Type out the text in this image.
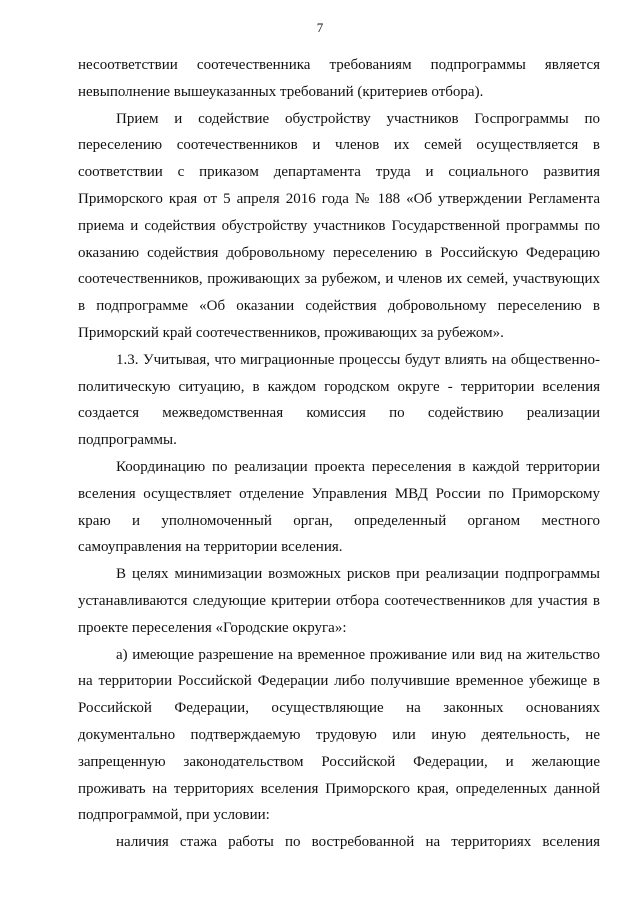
7
несоответствии соотечественника требованиям подпрограммы является
невыполнение вышеуказанных требований (критериев отбора).
Прием и содействие обустройству участников Госпрограммы по
переселению соотечественников и членов их семей осуществляется в
соответствии с приказом департамента труда и социального развития
Приморского края от 5 апреля 2016 года № 188 «Об утверждении Регламента
приема и содействия обустройству участников Государственной программы по
оказанию содействия добровольному переселению в Российскую Федерацию
соотечественников, проживающих за рубежом, и членов их семей, участвующих
в подпрограмме «Об оказании содействия добровольному переселению в
Приморский край соотечественников, проживающих за рубежом».
1.3. Учитывая, что миграционные процессы будут влиять на общественно-
политическую ситуацию, в каждом городском округе - территории вселения
создается межведомственная комиссия по содействию реализации
подпрограммы.
Координацию по реализации проекта переселения в каждой территории
вселения осуществляет отделение Управления МВД России по Приморскому
краю и уполномоченный орган, определенный органом местного
самоуправления на территории вселения.
В целях минимизации возможных рисков при реализации подпрограммы
устанавливаются следующие критерии отбора соотечественников для участия в
проекте переселения «Городские округа»:
а) имеющие разрешение на временное проживание или вид на жительство
на территории Российской Федерации либо получившие временное убежище в
Российской Федерации, осуществляющие на законных основаниях
документально подтверждаемую трудовую или иную деятельность, не
запрещенную законодательством Российской Федерации, и желающие
проживать на территориях вселения Приморского края, определенных данной
подпрограммой, при условии:
наличия стажа работы по востребованной на территориях вселения
